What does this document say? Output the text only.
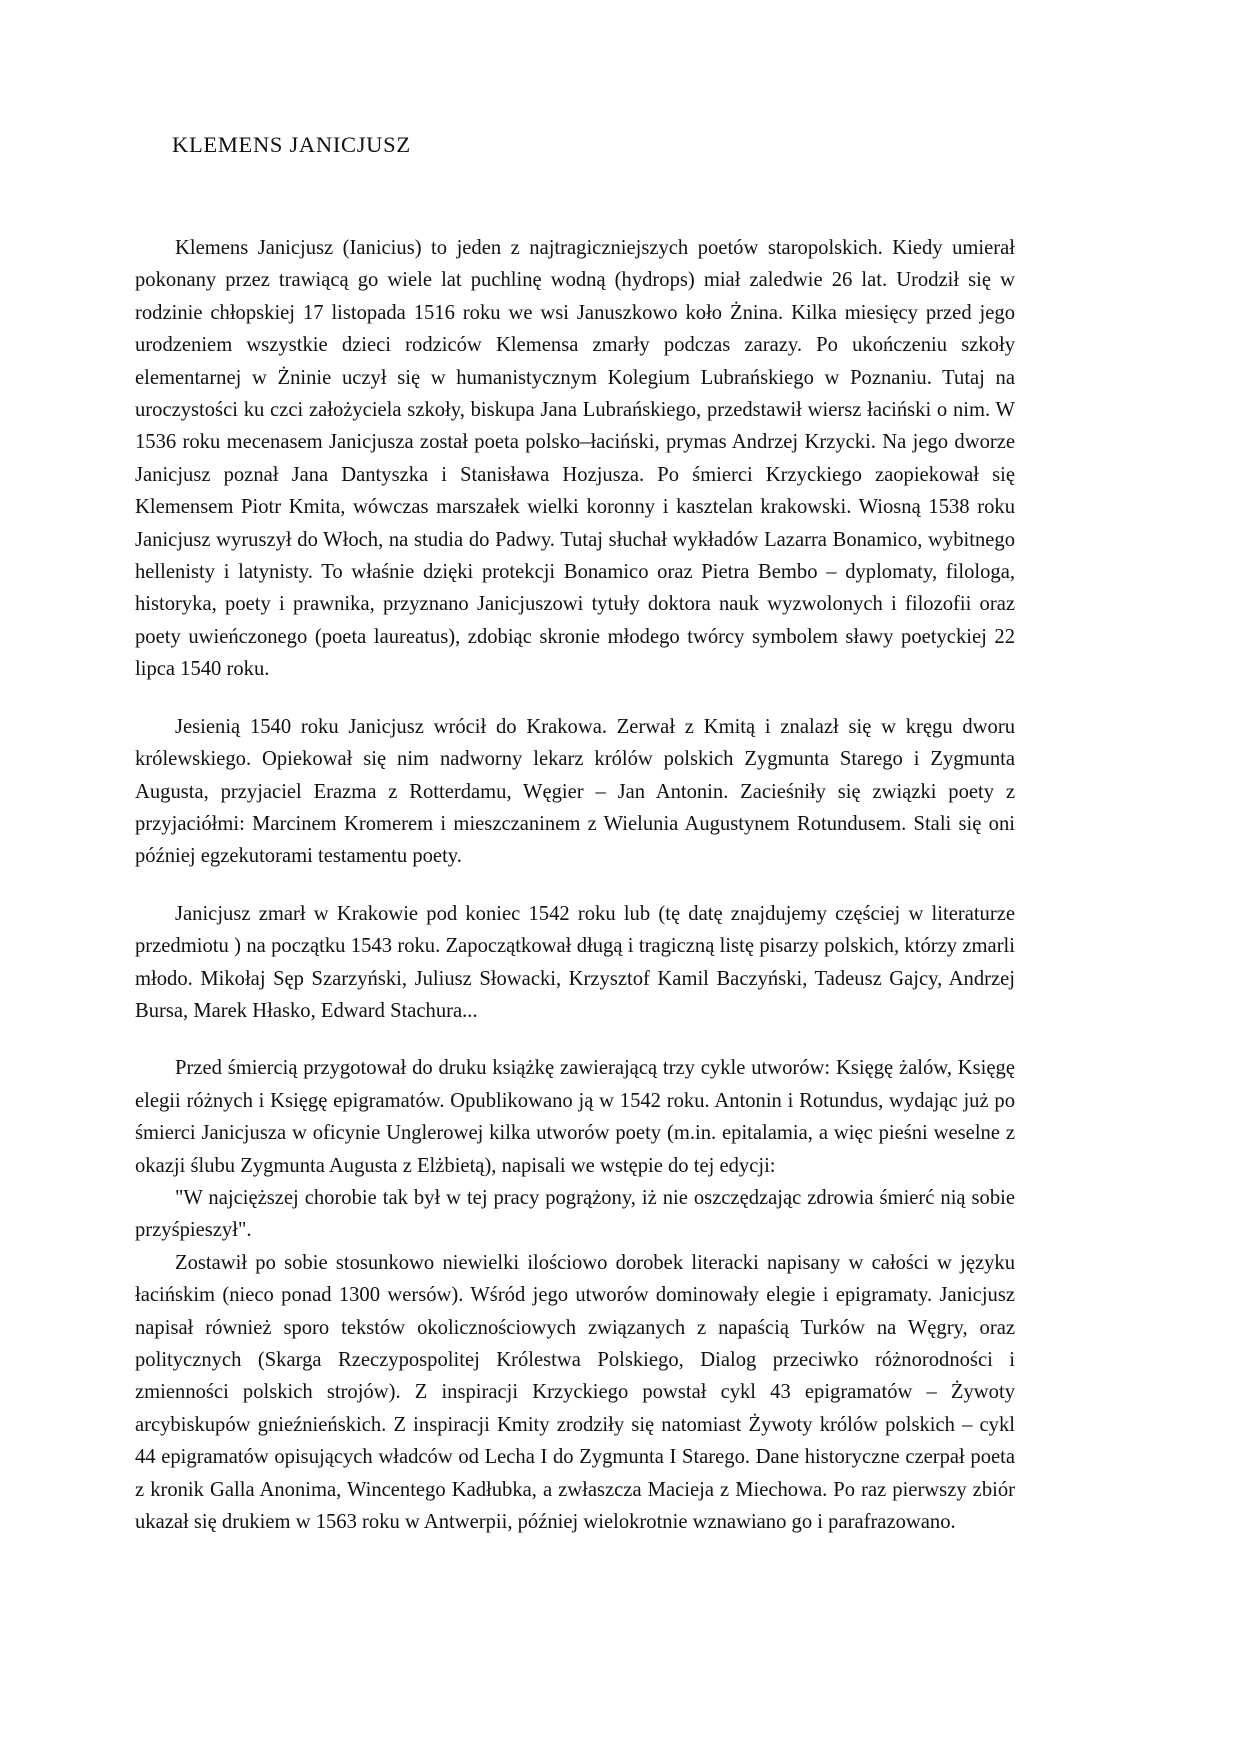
KLEMENS JANICJUSZ

Klemens Janicjusz (Ianicius) to jeden z najtragiczniejszych poetów staropolskich. Kiedy umierał pokonany przez trawiącą go wiele lat puchlinę wodną (hydrops) miał zaledwie 26 lat. Urodził się w rodzinie chłopskiej 17 listopada 1516 roku we wsi Januszkowo koło Żnina. Kilka miesięcy przed jego urodzeniem wszystkie dzieci rodziców Klemensa zmarły podczas zarazy. Po ukończeniu szkoły elementarnej w Żninie uczył się w humanistycznym Kolegium Lubrańskiego w Poznaniu. Tutaj na uroczystości ku czci założyciela szkoły, biskupa Jana Lubrańskiego, przedstawił wiersz łaciński o nim. W 1536 roku mecenasem Janicjusza został poeta polsko–łaciński, prymas Andrzej Krzycki. Na jego dworze Janicjusz poznał Jana Dantyszka i Stanisława Hozjusza. Po śmierci Krzyckiego zaopiekował się Klemensem Piotr Kmita, wówczas marszałek wielki koronny i kasztelan krakowski. Wiosną 1538 roku Janicjusz wyruszył do Włoch, na studia do Padwy. Tutaj słuchał wykładów Lazarra Bonamico, wybitnego hellenisty i latynisty. To właśnie dzięki protekcji Bonamico oraz Pietra Bembo – dyplomaty, filologa, historyka, poety i prawnika, przyznano Janicjuszowi tytuły doktora nauk wyzwolonych i filozofii oraz poety uwieńczonego (poeta laureatus), zdobiąc skronie młodego twórcy symbolem sławy poetyckiej 22 lipca 1540 roku.

Jesienią 1540 roku Janicjusz wrócił do Krakowa. Zerwał z Kmitą i znalazł się w kręgu dworu królewskiego. Opiekował się nim nadworny lekarz królów polskich Zygmunta Starego i Zygmunta Augusta, przyjaciel Erazma z Rotterdamu, Węgier – Jan Antonin. Zacieśniły się związki poety z przyjaciółmi: Marcinem Kromerem i mieszczaninem z Wielunia Augustynem Rotundusem. Stali się oni później egzekutorami testamentu poety.

Janicjusz zmarł w Krakowie pod koniec 1542 roku lub (tę datę znajdujemy częściej w literaturze przedmiotu ) na początku 1543 roku. Zapoczątkował długą i tragiczną listę pisarzy polskich, którzy zmarli młodo. Mikołaj Sęp Szarzyński, Juliusz Słowacki, Krzysztof Kamil Baczyński, Tadeusz Gajcy, Andrzej Bursa, Marek Hłasko, Edward Stachura...

Przed śmiercią przygotował do druku książkę zawierającą trzy cykle utworów: Księgę żalów, Księgę elegii różnych i Księgę epigramatów. Opublikowano ją w 1542 roku. Antonin i Rotundus, wydając już po śmierci Janicjusza w oficynie Unglerowej kilka utworów poety (m.in. epitalamia, a więc pieśni weselne z okazji ślubu Zygmunta Augusta z Elżbietą), napisali we wstępie do tej edycji:

"W najcięższej chorobie tak był w tej pracy pogrążony, iż nie oszczędzając zdrowia śmierć nią sobie przyśpieszył".

Zostawił po sobie stosunkowo niewielki ilościowo dorobek literacki napisany w całości w języku łacińskim (nieco ponad 1300 wersów). Wśród jego utworów dominowały elegie i epigramaty. Janicjusz napisał również sporo tekstów okolicznościowych związanych z napaścią Turków na Węgry, oraz politycznych (Skarga Rzeczypospolitej Królestwa Polskiego, Dialog przeciwko różnorodności i zmienności polskich strojów). Z inspiracji Krzyckiego powstał cykl 43 epigramatów – Żywoty arcybiskupów gnieźnieńskich. Z inspiracji Kmity zrodziły się natomiast Żywoty królów polskich – cykl 44 epigramatów opisujących władców od Lecha I do Zygmunta I Starego. Dane historyczne czerpał poeta z kronik Galla Anonima, Wincentego Kadłubka, a zwłaszcza Macieja z Miechowa. Po raz pierwszy zbiór ukazał się drukiem w 1563 roku w Antwerpii, później wielokrotnie wznawiano go i parafrazowano.
